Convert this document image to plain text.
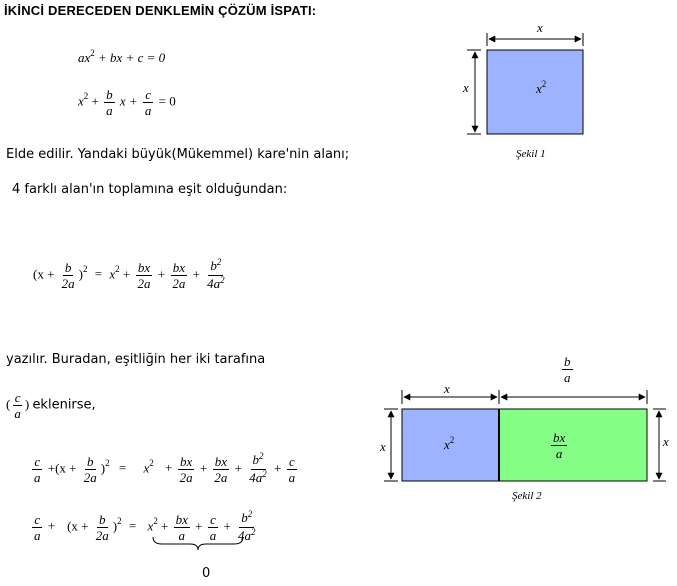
İKİNCİ DERECEDEN DENKLEMİN ÇÖZÜM İSPATI:
$ax^2$ + bx + c = 0
$x^2 + \frac{b}{a}$ $x + \frac{c}{a} = 0$
Elde edilir. Yandaki büyük(Mükemmel) kare'nin alanı;
4 farklı alan'ın toplamına eşit olduğundan:
$(x + \frac{b}{2a} )^2 = x^2 + \frac{bx}{2a} + \frac{bx}{2a} + \frac{b^2}{4a^2}$
yazılır. Buradan, eşitliğin her iki tarafına
( $\frac{c}{a}$ ) eklenirse,
$\frac{c}{a} +(x + \frac{b}{2a} )^2 = x^2 + \frac{bx}{2a} + \frac{bx}{2a} + \frac{b^2}{4a^2} + \frac{c}{a}$
$\frac{c}{a} + (x + \frac{b}{2a} )^2 = x^2 + \frac{bx}{a} + \frac{c}{a} + \frac{b^2}{4a^2}$
0
x
x	$x^2$
Şekil 1
x
$\frac{b}{a}$
x	x
$x^2$	$\frac{bx}{a}$
Şekil 2
